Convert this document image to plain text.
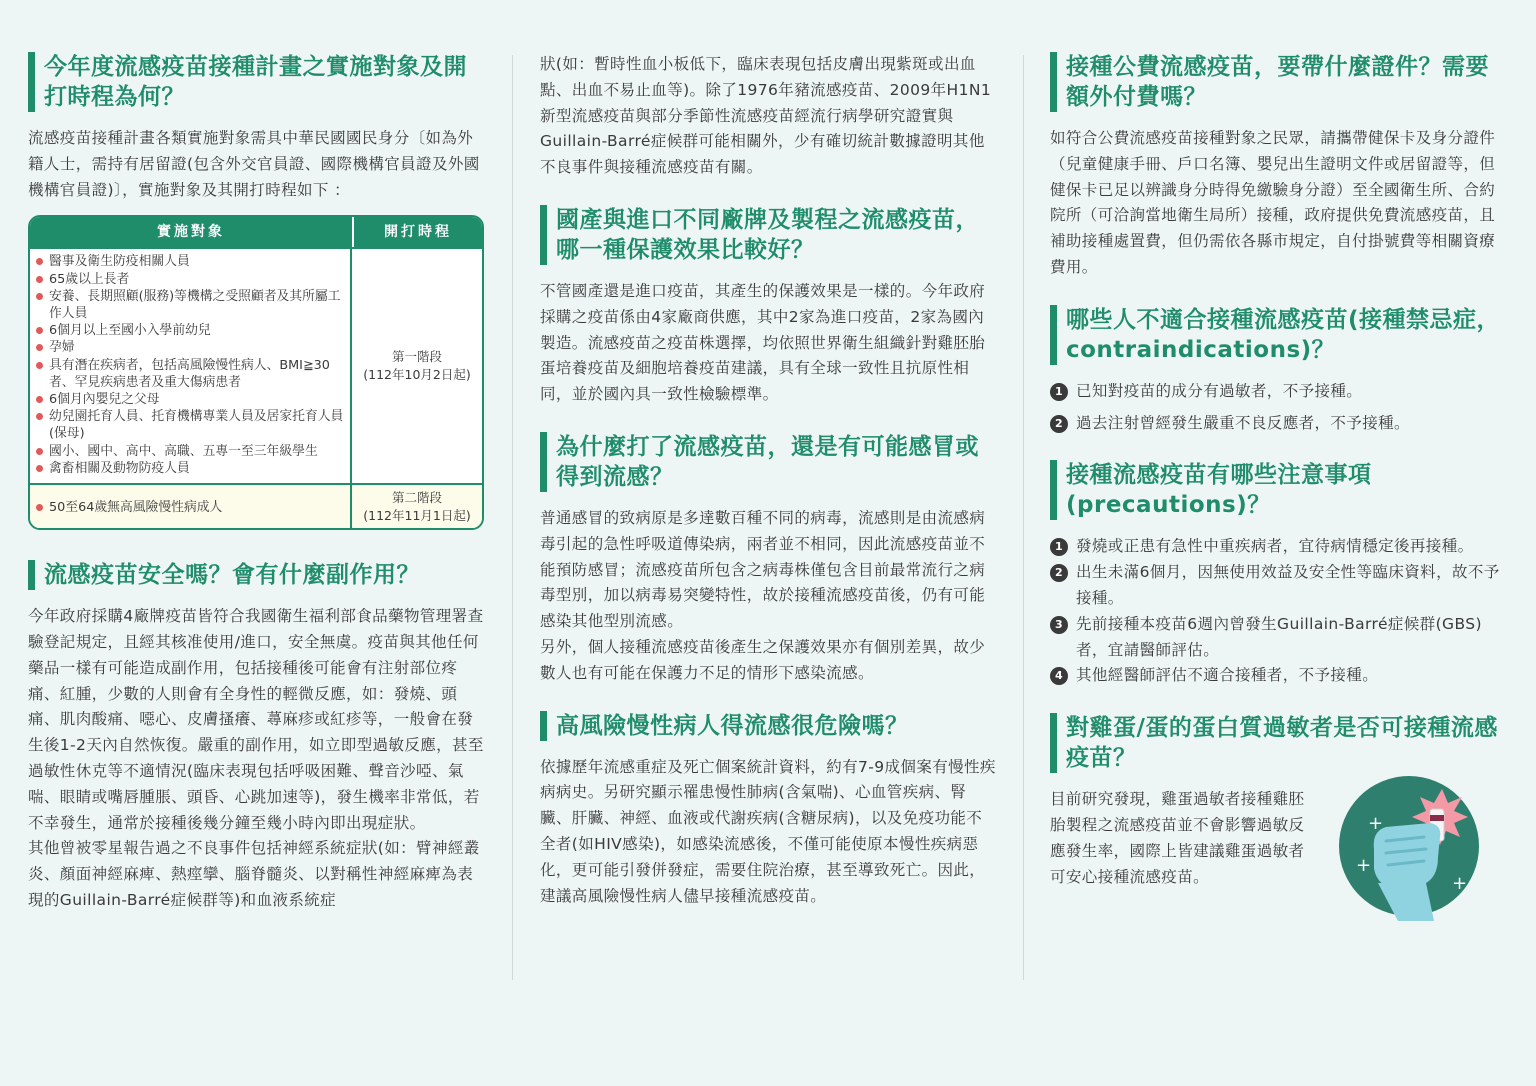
今年度流感疫苗接種計畫之實施對象及開打時程為何？

流感疫苗接種計畫各類實施對象需具中華民國國民身分〔如為外籍人士，需持有居留證(包含外交官員證、國際機構官員證及外國機構官員證)〕，實施對象及其開打時程如下 ：

實施對象	開打時程
醫事及衛生防疫相關人員
65歲以上長者
安養、長期照顧(服務)等機構之受照顧者及其所屬工作人員
6個月以上至國小入學前幼兒
孕婦
具有潛在疾病者，包括高風險慢性病人、BMI≧30者、罕見疾病患者及重大傷病患者
6個月內嬰兒之父母
幼兒園托育人員、托育機構專業人員及居家托育人員(保母)
國小、國中、高中、高職、五專一至三年級學生
禽畜相關及動物防疫人員
第一階段
(112年10月2日起)
50至64歲無高風險慢性病成人
第二階段
(112年11月1日起)
流感疫苗安全嗎？會有什麼副作用？

今年政府採購4廠牌疫苗皆符合我國衛生福利部食品藥物管理署查驗登記規定，且經其核准使用/進口，安全無虞。疫苗與其他任何藥品一樣有可能造成副作用，包括接種後可能會有注射部位疼痛、紅腫，少數的人則會有全身性的輕微反應，如：發燒、頭痛、肌肉酸痛、噁心、皮膚搔癢、蕁麻疹或紅疹等，一般會在發生後1-2天內自然恢復。嚴重的副作用，如立即型過敏反應，甚至過敏性休克等不適情況(臨床表現包括呼吸困難、聲音沙啞、氣喘、眼睛或嘴唇腫脹、頭昏、心跳加速等)，發生機率非常低，若不幸發生，通常於接種後幾分鐘至幾小時內即出現症狀。

其他曾被零星報告過之不良事件包括神經系統症狀(如：臂神經叢炎、顏面神經麻痺、熱痙攣、腦脊髓炎、以對稱性神經麻痺為表現的Guillain-Barré症候群等)和血液系統症

狀(如：暫時性血小板低下，臨床表現包括皮膚出現紫斑或出血點、出血不易止血等)。除了1976年豬流感疫苗、2009年H1N1新型流感疫苗與部分季節性流感疫苗經流行病學研究證實與Guillain-Barré症候群可能相關外，少有確切統計數據證明其他不良事件與接種流感疫苗有關。

國產與進口不同廠牌及製程之流感疫苗，哪一種保護效果比較好？

不管國產還是進口疫苗，其產生的保護效果是一樣的。今年政府採購之疫苗係由4家廠商供應，其中2家為進口疫苗，2家為國內製造。流感疫苗之疫苗株選擇，均依照世界衛生組織針對雞胚胎蛋培養疫苗及細胞培養疫苗建議，具有全球一致性且抗原性相同，並於國內具一致性檢驗標準。

為什麼打了流感疫苗，還是有可能感冒或得到流感？

普通感冒的致病原是多達數百種不同的病毒，流感則是由流感病毒引起的急性呼吸道傳染病，兩者並不相同，因此流感疫苗並不能預防感冒；流感疫苗所包含之病毒株僅包含目前最常流行之病毒型別，加以病毒易突變特性，故於接種流感疫苗後，仍有可能感染其他型別流感。

另外，個人接種流感疫苗後產生之保護效果亦有個別差異，故少數人也有可能在保護力不足的情形下感染流感。

高風險慢性病人得流感很危險嗎？

依據歷年流感重症及死亡個案統計資料，約有7-9成個案有慢性疾病病史。另研究顯示罹患慢性肺病(含氣喘)、心血管疾病、腎臟、肝臟、神經、血液或代謝疾病(含糖尿病)，以及免疫功能不全者(如HIV感染)，如感染流感後，不僅可能使原本慢性疾病惡化，更可能引發併發症，需要住院治療，甚至導致死亡。因此，建議高風險慢性病人儘早接種流感疫苗。

接種公費流感疫苗，要帶什麼證件？需要額外付費嗎？

如符合公費流感疫苗接種對象之民眾，請攜帶健保卡及身分證件（兒童健康手冊、戶口名簿、嬰兒出生證明文件或居留證等，但健保卡已足以辨識身分時得免繳驗身分證）至全國衛生所、合約院所（可洽詢當地衛生局所）接種，政府提供免費流感疫苗，且補助接種處置費，但仍需依各縣市規定，自付掛號費等相關資療費用。

哪些人不適合接種流感疫苗(接種禁忌症，contraindications)？
1 已知對疫苗的成分有過敏者，不予接種。
2 過去注射曾經發生嚴重不良反應者，不予接種。
接種流感疫苗有哪些注意事項(precautions)？
1 發燒或正患有急性中重疾病者，宜待病情穩定後再接種。
2 出生未滿6個月，因無使用效益及安全性等臨床資料，故不予接種。
3 先前接種本疫苗6週內曾發生Guillain-Barré症候群(GBS)者，宜請醫師評估。
4 其他經醫師評估不適合接種者，不予接種。
對雞蛋/蛋的蛋白質過敏者是否可接種流感疫苗？

目前研究發現，雞蛋過敏者接種雞胚胎製程之流感疫苗並不會影響過敏反　應發生率，國際上皆建議雞蛋過敏者可安心接種流感疫苗。

+
+
+
